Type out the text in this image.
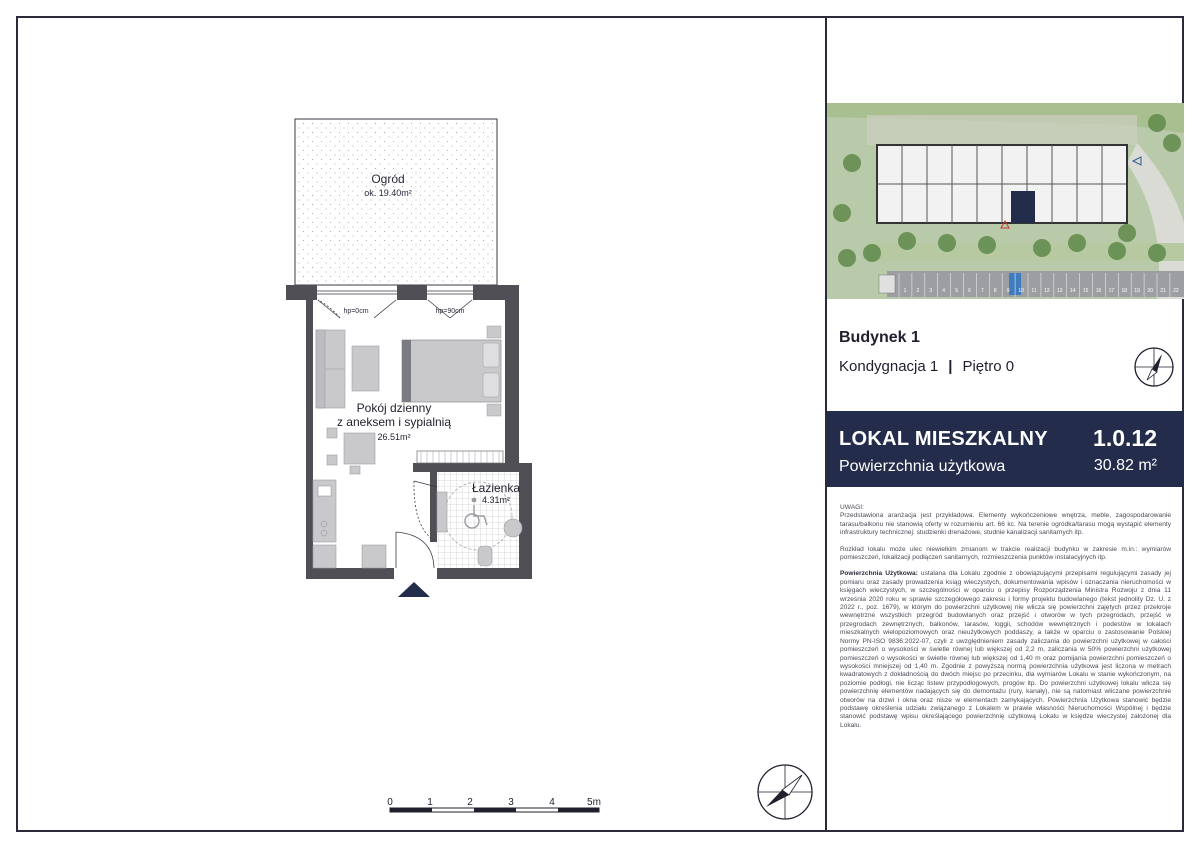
Ogród
ok. 19.40m²
hp=0cm	hp=90cm
Pokój dzienny
z aneksem i sypialnią
26.51m²
Łazienka
4.31m²
0	1	2	3	4	5m
1 2 3 4 5 6 7 8 9 10 11 12 13 14 15 16 17 18 19 20 21 22
Budynek 1
Kondygnacja 1 | Piętro 0
LOKAL MIESZKALNY 1.0.12
Powierzchnia użytkowa	30.82 m²

UWAGI:

Przedstawiona aranżacja jest przykładowa. Elementy wykończeniowe wnętrza, meble, zagospodarowanie tarasu/balkonu nie stanowią oferty w rozumieniu art. 66 kc. Na terenie ogródka/tarasu mogą wystąpić elementy infrastruktury technicznej: studzienki drenażowe, studnie kanalizacji sanitarnych itp.

Rozkład lokalu może ulec niewielkim zmianom w trakcie realizacji budynku w zakresie m.in.: wymiarów pomieszczeń, lokalizacji podłączeń sanitarnych, rozmieszczenia punktów instalacyjnych itp.

Powierzchnia Użytkowa: ustalana dla Lokalu zgodnie z obowiązującymi przepisami regulującymi zasady jej pomiaru oraz zasady prowadzenia ksiąg wieczystych, dokumentowania wpisów i oznaczania nieruchomości w księgach wieczystych, w szczególności w oparciu o przepisy Rozporządzenia Ministra Rozwoju z dnia 11 września 2020 roku w sprawie szczegółowego zakresu i formy projektu budowlanego (tekst jednolity Dz. U. z 2022 r., poz. 1679), w którym do powierzchni użytkowej nie wlicza się powierzchni zajętych przez przekroje wewnętrzne wszystkich przegród budowlanych oraz przejść i otworów w tych przegrodach, przejść w przegrodach zewnętrznych, balkonów, tarasów, loggii, schodów wewnętrznych i podestów w lokalach mieszkalnych wielopoziomowych oraz nieużytkowych poddaszy, a także w oparciu o zastosowanie Polskiej Normy PN-ISO 9836:2022-07, czyli z uwzględnieniem zasady zaliczania do powierzchni użytkowej w całości pomieszczeń o wysokości w świetle równej lub większej od 2,2 m, zaliczania w 50% powierzchni użytkowej pomieszczeń o wysokości w świetle równej lub większej od 1,40 m oraz pomijania powierzchni pomieszczeń o wysokości mniejszej od 1,40 m. Zgodnie z powyższą normą powierzchnia użytkowa jest liczona w metrach kwadratowych z dokładnością do dwóch miejsc po przecinku, dla wymiarów Lokalu w stanie wykończonym, na poziomie podłogi, nie licząc listew przypodłogowych, progów itp. Do powierzchni użytkowej lokalu wlicza się powierzchnię elementów nadających się do demontażu (rury, kanały), nie są natomiast wliczane powierzchnie otworów na drzwi i okna oraz nisze w elementach zamykających. Powierzchnia Użytkowa stanowić będzie podstawę określenia udziału związanego z Lokalem w prawie własności Nieruchomości Wspólnej i będzie stanowić podstawę wpisu określającego powierzchnię użytkową Lokalu w księdze wieczystej założonej dla Lokalu.
